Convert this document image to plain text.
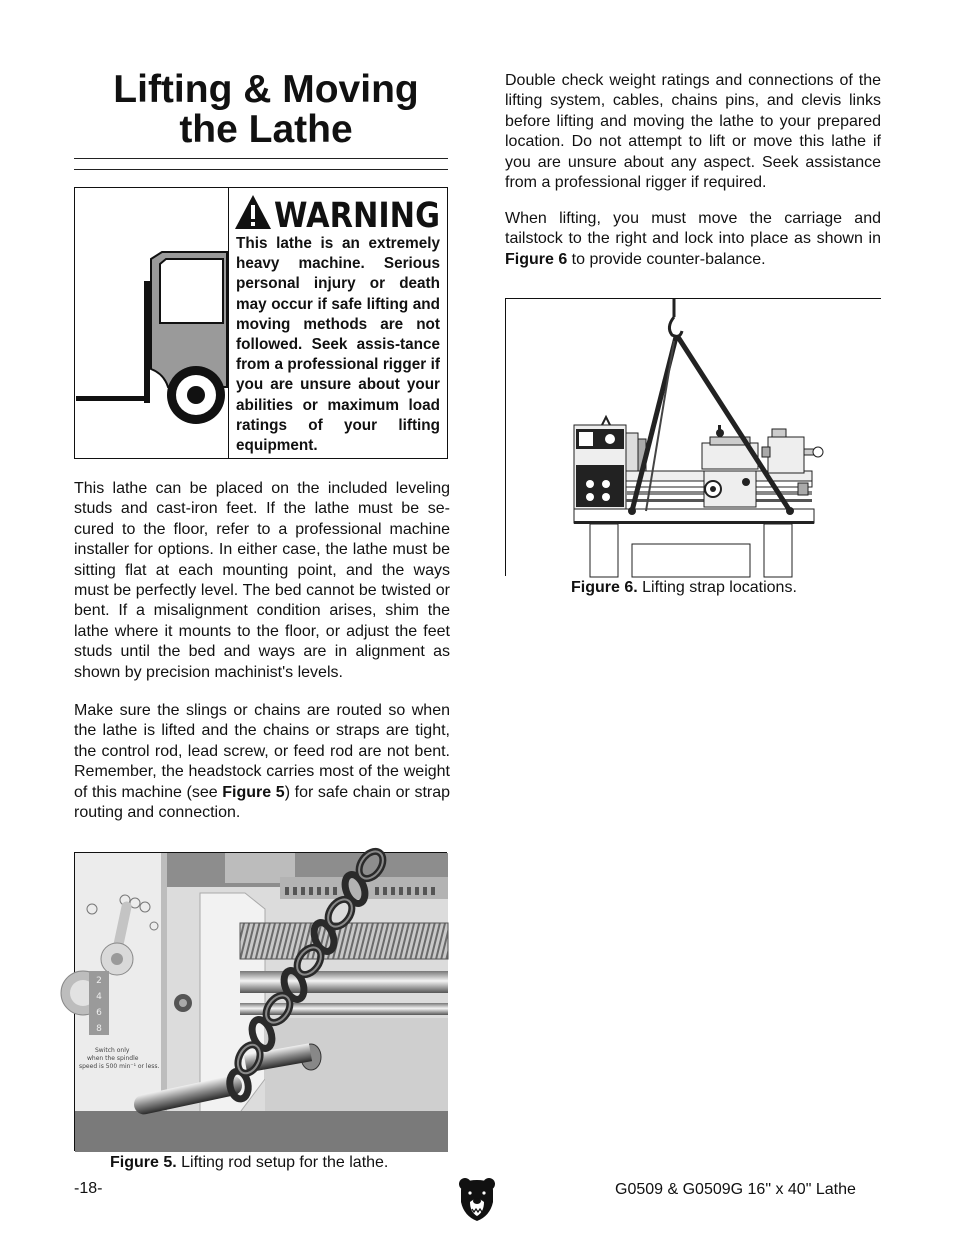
Lifting & Moving
the Lathe
WARNING

This lathe is an extremely heavy machine. Serious personal injury or death may occur if safe lifting and moving methods are not followed. Seek assis-tance from a professional rigger if you are unsure about your abilities or maximum load ratings of your lifting equipment.

This lathe can be placed on the included leveling studs and cast-iron feet. If the lathe must be se-cured to the floor, refer to a professional machine installer for options. In either case, the lathe must be sitting flat at each mounting point, and the ways must be perfectly level. The bed cannot be twisted or bent. If a misalignment condition arises, shim the lathe where it mounts to the floor, or adjust the feet studs until the bed and ways are in alignment as shown by precision machinist's levels.

Make sure the slings or chains are routed so when the lathe is lifted and the chains or straps are tight, the control rod, lead screw, or feed rod are not bent. Remember, the headstock carries most of the weight of this machine (see Figure 5) for safe chain or strap routing and connection.

2
4
6
8
Switch only
when the spindle
speed is 500 min⁻¹ or less.

Figure 5. Lifting rod setup for the lathe.

Double check weight ratings and connections of the lifting system, cables, chains pins, and clevis links before lifting and moving the lathe to your prepared location. Do not attempt to lift or move this lathe if you are unsure about any aspect. Seek assistance from a professional rigger if required.

When lifting, you must move the carriage and tailstock to the right and lock into place as shown in Figure 6 to provide counter-balance.

Figure 6. Lifting strap locations.

-18-	G0509 & G0509G 16" x 40" Lathe
